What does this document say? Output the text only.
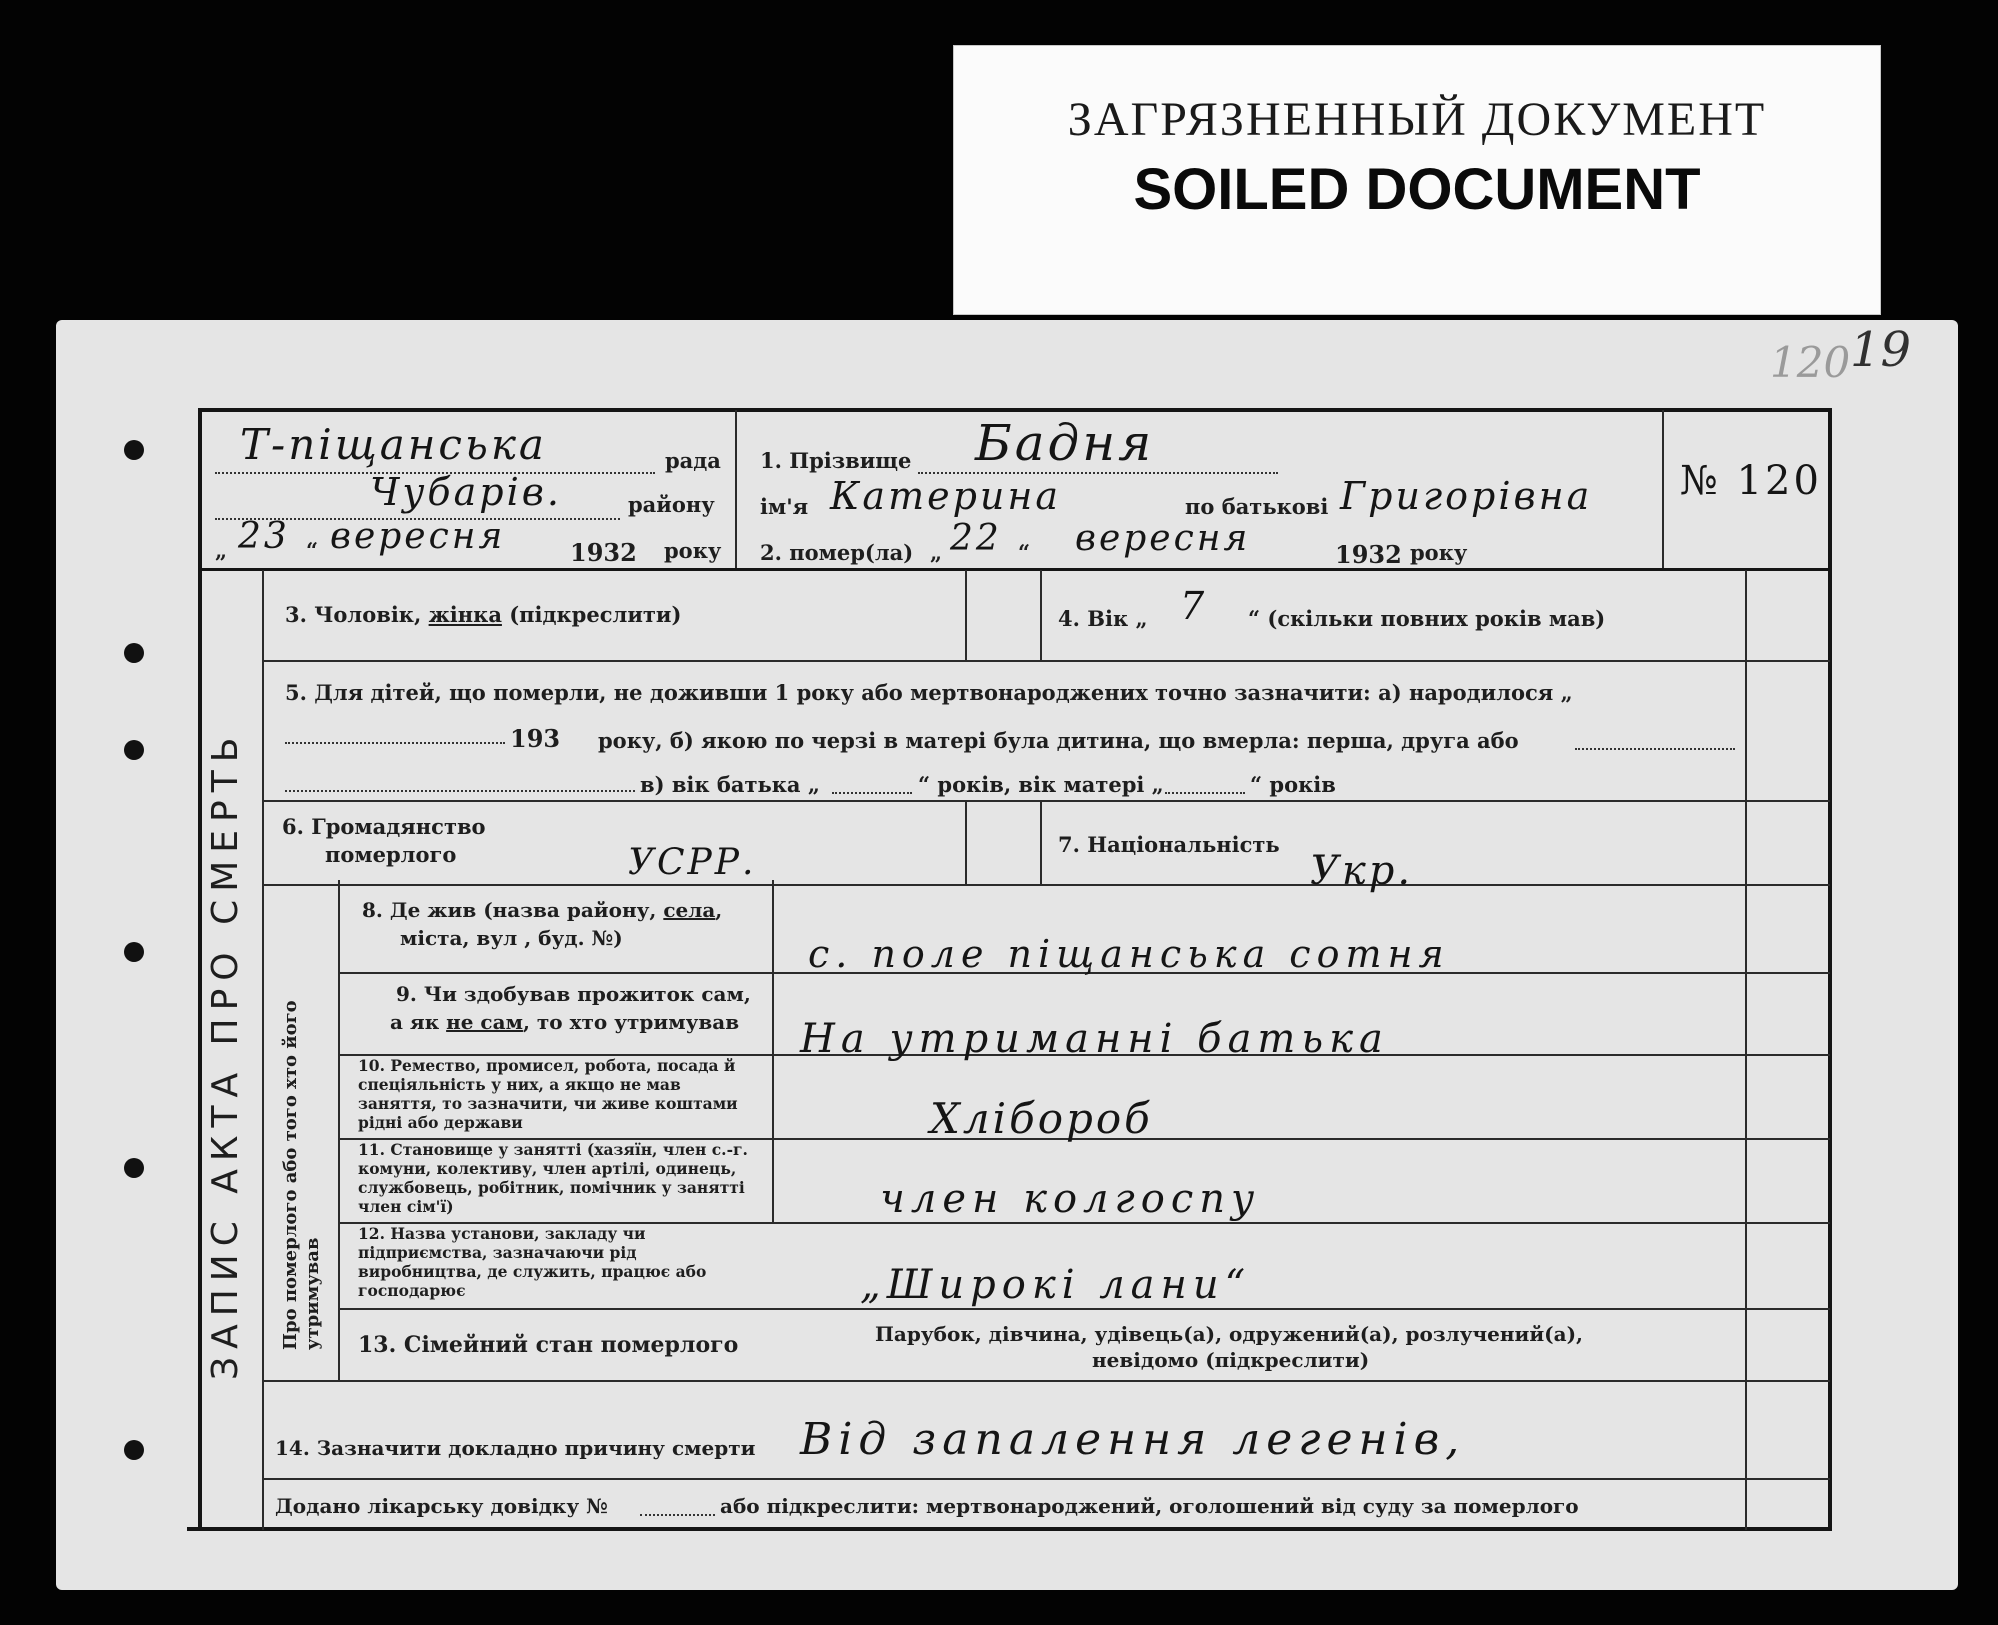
ЗАГРЯЗНЕННЫЙ ДОКУМЕНТ
SOILED DOCUMENT
120 19
ЗАПИС АКТА ПРО СМЕРТЬ Про померлого або того хто його утримував
Т-піщанська	рада
Чубарів.	району
„ 23 “ вересня	1932 року
1. Прізвище Бадня
ім'я Катерина	по батькові Григорівна
2. помер(ла) „ 22 “ вересня	1932 року
№ 120
3. Чоловік, жінка (підкреслити)	4. Вік „ 7 “ (скільки повних років мав)
5. Для дітей, що померли, не доживши 1 року або мертвонароджених точно зазначити: а) народилося „
193 року, б) якою по черзі в матері була дитина, що вмерла: перша, друга або
в) вік батька „	“ років, вік матері „	“ років
6. Громадянство
померлого	УСРР.	7. Національність
Укр.
8. Де жив (назва району, села,
міста, вул , буд. №)	с. поле піщанська сотня
9. Чи здобував прожиток сам,
а як не сам, то хто утримував На утриманні батька
10. Ремество, промисел, робота, посада й спеціяльність у них, а якщо не мав заняття, то зазначити, чи живе коштами рідні або держави	Хлібороб
11. Становище у занятті (хазяїн, член с.-г. комуни, колективу, член артілі, одинець, службовець, робітник, помічник у занятті член сім'ї)	член колгоспу
12. Назва установи, закладу чи підприємства, зазначаючи рід виробництва, де служить, працює або господарює	„Широкі лани“
13. Сімейний стан померлого	Парубок, дівчина, удівець(а), одружений(а), розлучений(а),
невідомо (підкреслити)
14. Зазначити докладно причину смерти Від запалення легенів,
Додано лікарську довідку №	або підкреслити: мертвонароджений, оголошений від суду за померлого
